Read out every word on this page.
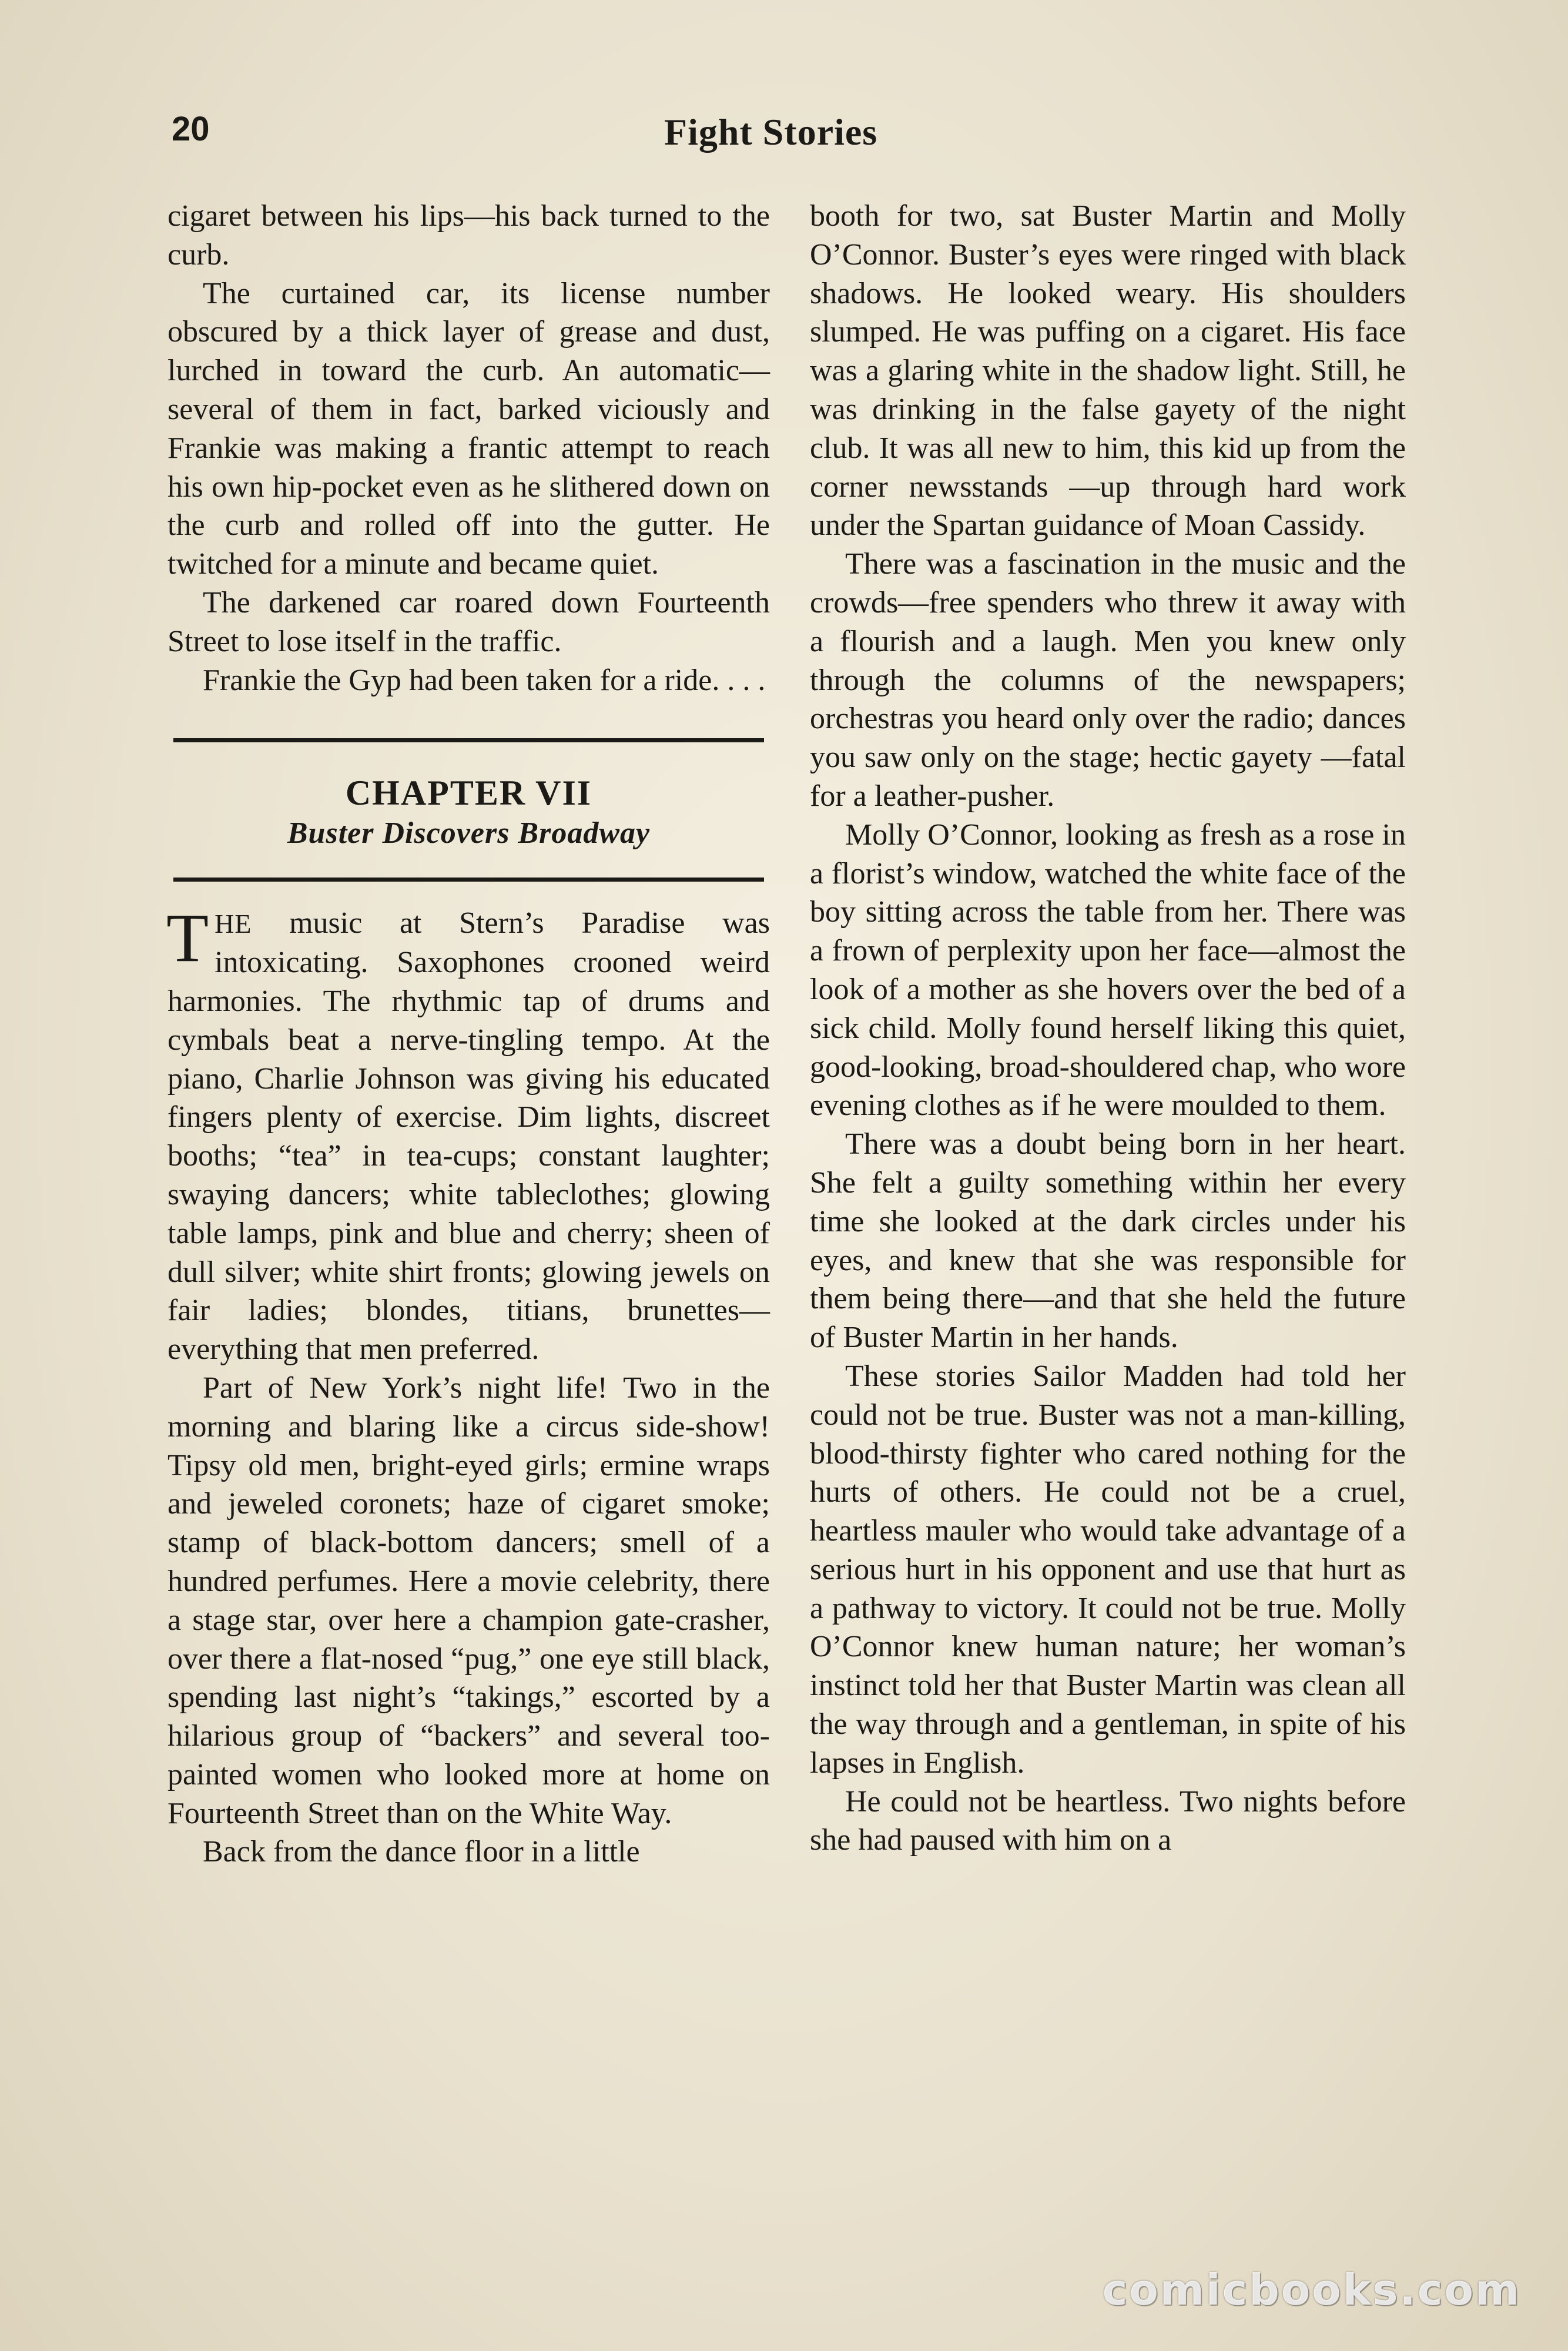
20	Fight Stories

cigaret between his lips—his back turned to the curb.

The curtained car, its license number obscured by a thick layer of grease and dust, lurched in toward the curb. An automatic—several of them in fact, barked viciously and Frankie was making a frantic attempt to reach his own hip-pocket even as he slithered down on the curb and rolled off into the gutter. He twitched for a minute and became quiet.

The darkened car roared down Fourteenth Street to lose itself in the traffic.

Frankie the Gyp had been taken for a ride. . . .

CHAPTER VII
Buster Discovers Broadway

THE music at Stern’s Paradise was intoxicating. Saxophones crooned weird harmonies. The rhythmic tap of drums and cymbals beat a nerve-tingling tempo. At the piano, Charlie Johnson was giving his educated fingers plenty of exercise. Dim lights, discreet booths; “tea” in tea-cups; constant laughter; swaying dancers; white tableclothes; glowing table lamps, pink and blue and cherry; sheen of dull silver; white shirt fronts; glowing jewels on fair ladies; blondes, titians, brunettes—everything that men preferred.

Part of New York’s night life! Two in the morning and blaring like a circus side-show! Tipsy old men, bright-eyed girls; ermine wraps and jeweled coronets; haze of cigaret smoke; stamp of black-bottom dancers; smell of a hundred perfumes. Here a movie celebrity, there a stage star, over here a champion gate-crasher, over there a flat-nosed “pug,” one eye still black, spending last night’s “takings,” escorted by a hilarious group of “backers” and several too-painted women who looked more at home on Fourteenth Street than on the White Way.

Back from the dance floor in a little

booth for two, sat Buster Martin and Molly O’Connor. Buster’s eyes were ringed with black shadows. He looked weary. His shoulders slumped. He was puffing on a cigaret. His face was a glaring white in the shadow light. Still, he was drinking in the false gayety of the night club. It was all new to him, this kid up from the corner newsstands —up through hard work under the Spartan guidance of Moan Cassidy.

There was a fascination in the music and the crowds—free spenders who threw it away with a flourish and a laugh. Men you knew only through the columns of the newspapers; orchestras you heard only over the radio; dances you saw only on the stage; hectic gayety —fatal for a leather-pusher.

Molly O’Connor, looking as fresh as a rose in a florist’s window, watched the white face of the boy sitting across the table from her. There was a frown of perplexity upon her face—almost the look of a mother as she hovers over the bed of a sick child. Molly found herself liking this quiet, good-looking, broad-shouldered chap, who wore evening clothes as if he were moulded to them.

There was a doubt being born in her heart. She felt a guilty something within her every time she looked at the dark circles under his eyes, and knew that she was responsible for them being there—and that she held the future of Buster Martin in her hands.

These stories Sailor Madden had told her could not be true. Buster was not a man-killing, blood-thirsty fighter who cared nothing for the hurts of others. He could not be a cruel, heartless mauler who would take advantage of a serious hurt in his opponent and use that hurt as a pathway to victory. It could not be true. Molly O’Connor knew human nature; her woman’s instinct told her that Buster Martin was clean all the way through and a gentleman, in spite of his lapses in English.

He could not be heartless. Two nights before she had paused with him on a

comicbooks.com
